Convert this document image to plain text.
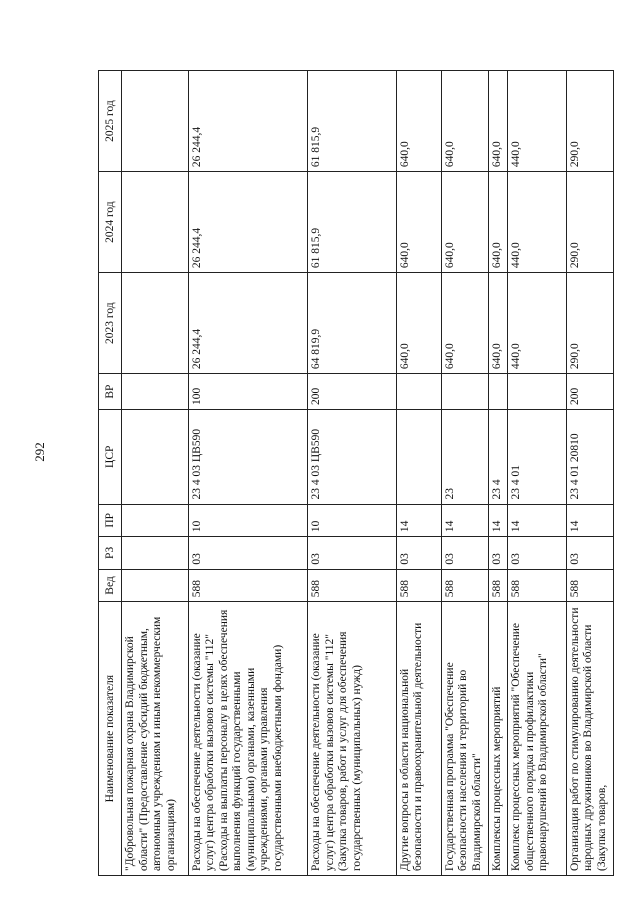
292
Наименование показателя	Вед	РЗ	ПР	ЦСР	ВР	2023 год	2024 год	2025 год
"Добровольная пожарная охрана Владимирской области" (Предоставление субсидий бюджетным, автономным учреждениям и иным некоммерческим организациям)								
Расходы на обеспечение деятельности (оказание услуг) центра обработки вызовов системы "112" (Расходы на выплаты персоналу в целях обеспечения выполнения функций государственными (муниципальными) органами, казенными учреждениями, органами управления государственными внебюджетными фондами)	588	03	10	23 4 03 ЦВ590	100	26 244,4	26 244,4	26 244,4
Расходы на обеспечение деятельности (оказание услуг) центра обработки вызовов системы "112" (Закупка товаров, работ и услуг для обеспечения государственных (муниципальных) нужд)	588	03	10	23 4 03 ЦВ590	200	64 819,9	61 815,9	61 815,9
Другие вопросы в области национальной безопасности и правоохранительной деятельности	588	03	14			640,0	640,0	640,0
Государственная программа "Обеспечение безопасности населения и территорий во Владимирской области"	588	03	14	23		640,0	640,0	640,0
Комплексы процессных мероприятий	588	03	14	23 4		640,0	640,0	640,0
Комплекс процессных мероприятий "Обеспечение общественного порядка и профилактики правонарушений во Владимирской области"	588	03	14	23 4 01		440,0	440,0	440,0
Организация работ по стимулированию деятельности народных дружинников во Владимирской области (Закупка товаров,	588	03	14	23 4 01 20810	200	290,0	290,0	290,0
